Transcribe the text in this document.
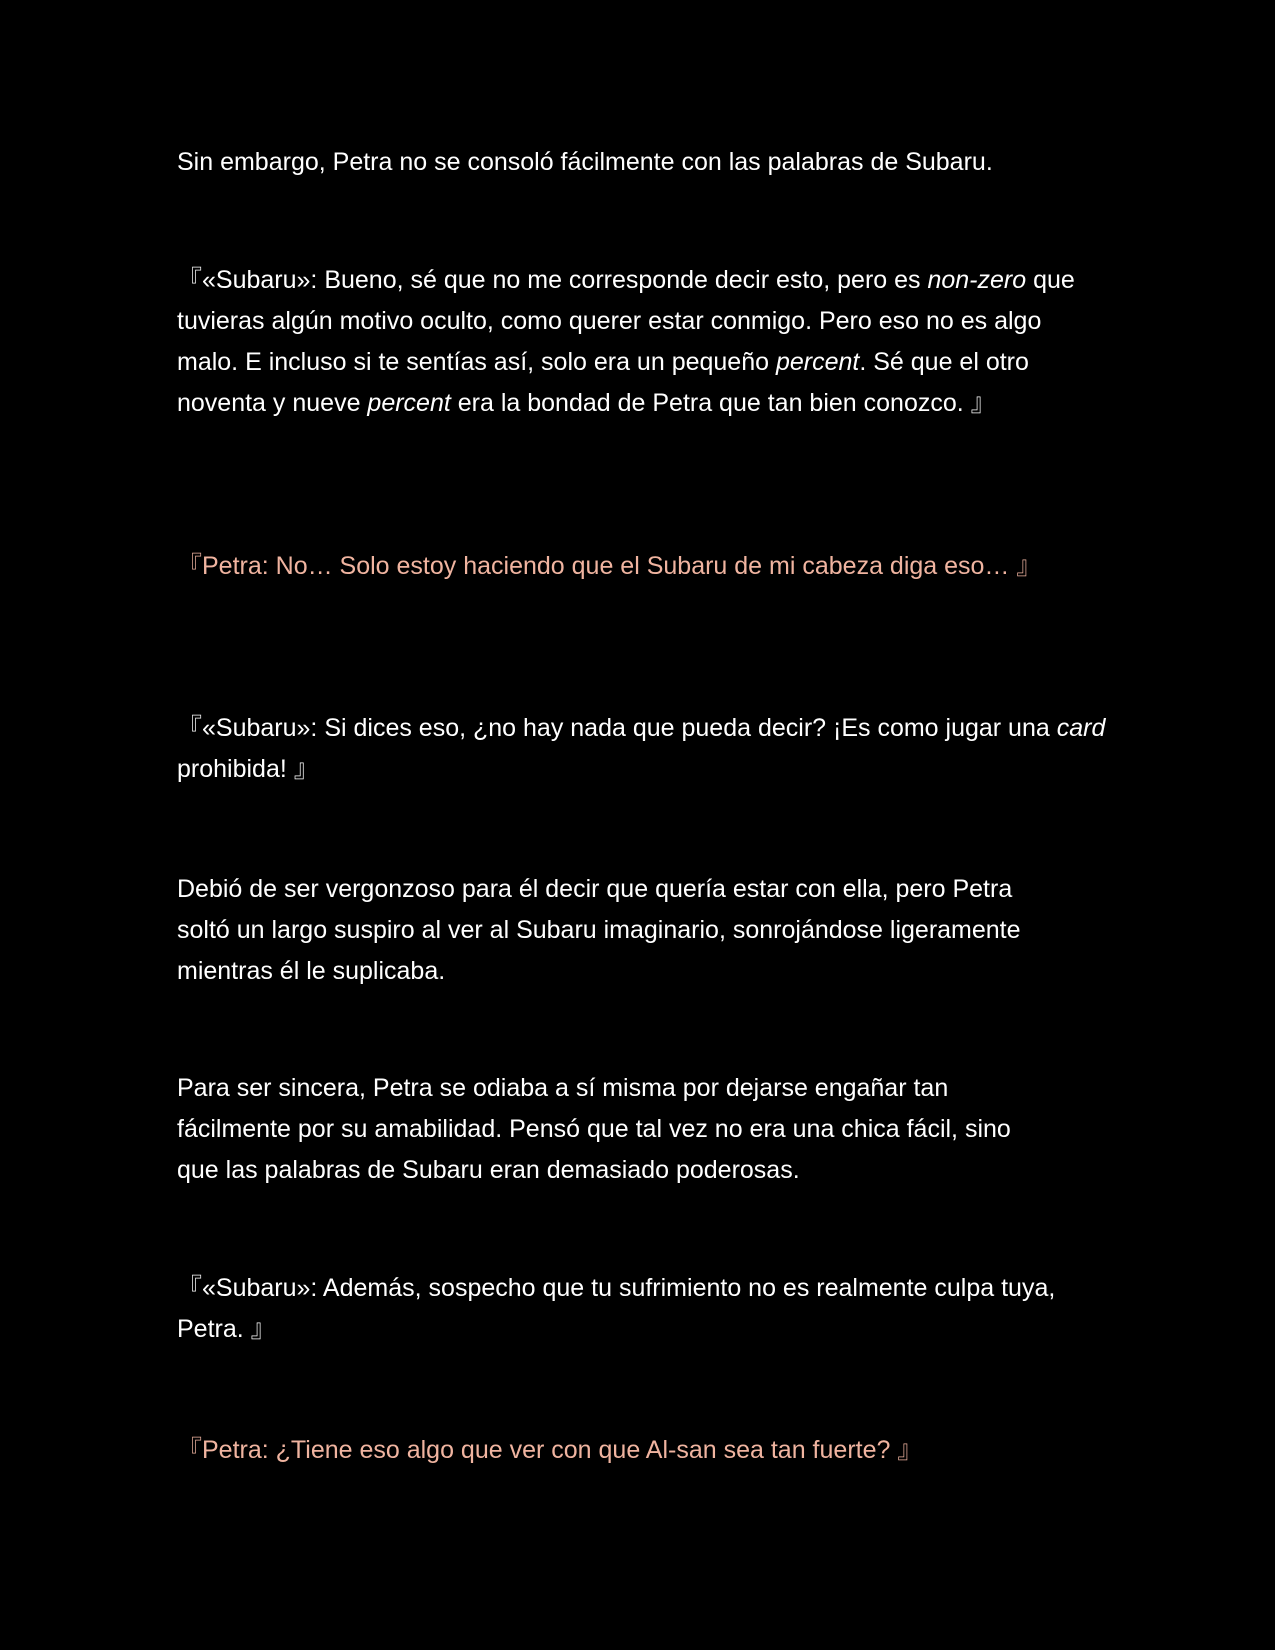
Sin embargo, Petra no se consoló fácilmente con las palabras de Subaru.

『«Subaru»: Bueno, sé que no me corresponde decir esto, pero es non-zero que tuvieras algún motivo oculto, como querer estar conmigo. Pero eso no es algo malo. E incluso si te sentías así, solo era un pequeño percent. Sé que el otro noventa y nueve percent era la bondad de Petra que tan bien conozco. 』

『Petra: No… Solo estoy haciendo que el Subaru de mi cabeza diga eso… 』

『«Subaru»: Si dices eso, ¿no hay nada que pueda decir? ¡Es como jugar una card prohibida! 』

Debió de ser vergonzoso para él decir que quería estar con ella, pero Petra soltó un largo suspiro al ver al Subaru imaginario, sonrojándose ligeramente mientras él le suplicaba.

Para ser sincera, Petra se odiaba a sí misma por dejarse engañar tan fácilmente por su amabilidad. Pensó que tal vez no era una chica fácil, sino que las palabras de Subaru eran demasiado poderosas.

『«Subaru»: Además, sospecho que tu sufrimiento no es realmente culpa tuya, Petra. 』

『Petra: ¿Tiene eso algo que ver con que Al-san sea tan fuerte? 』
